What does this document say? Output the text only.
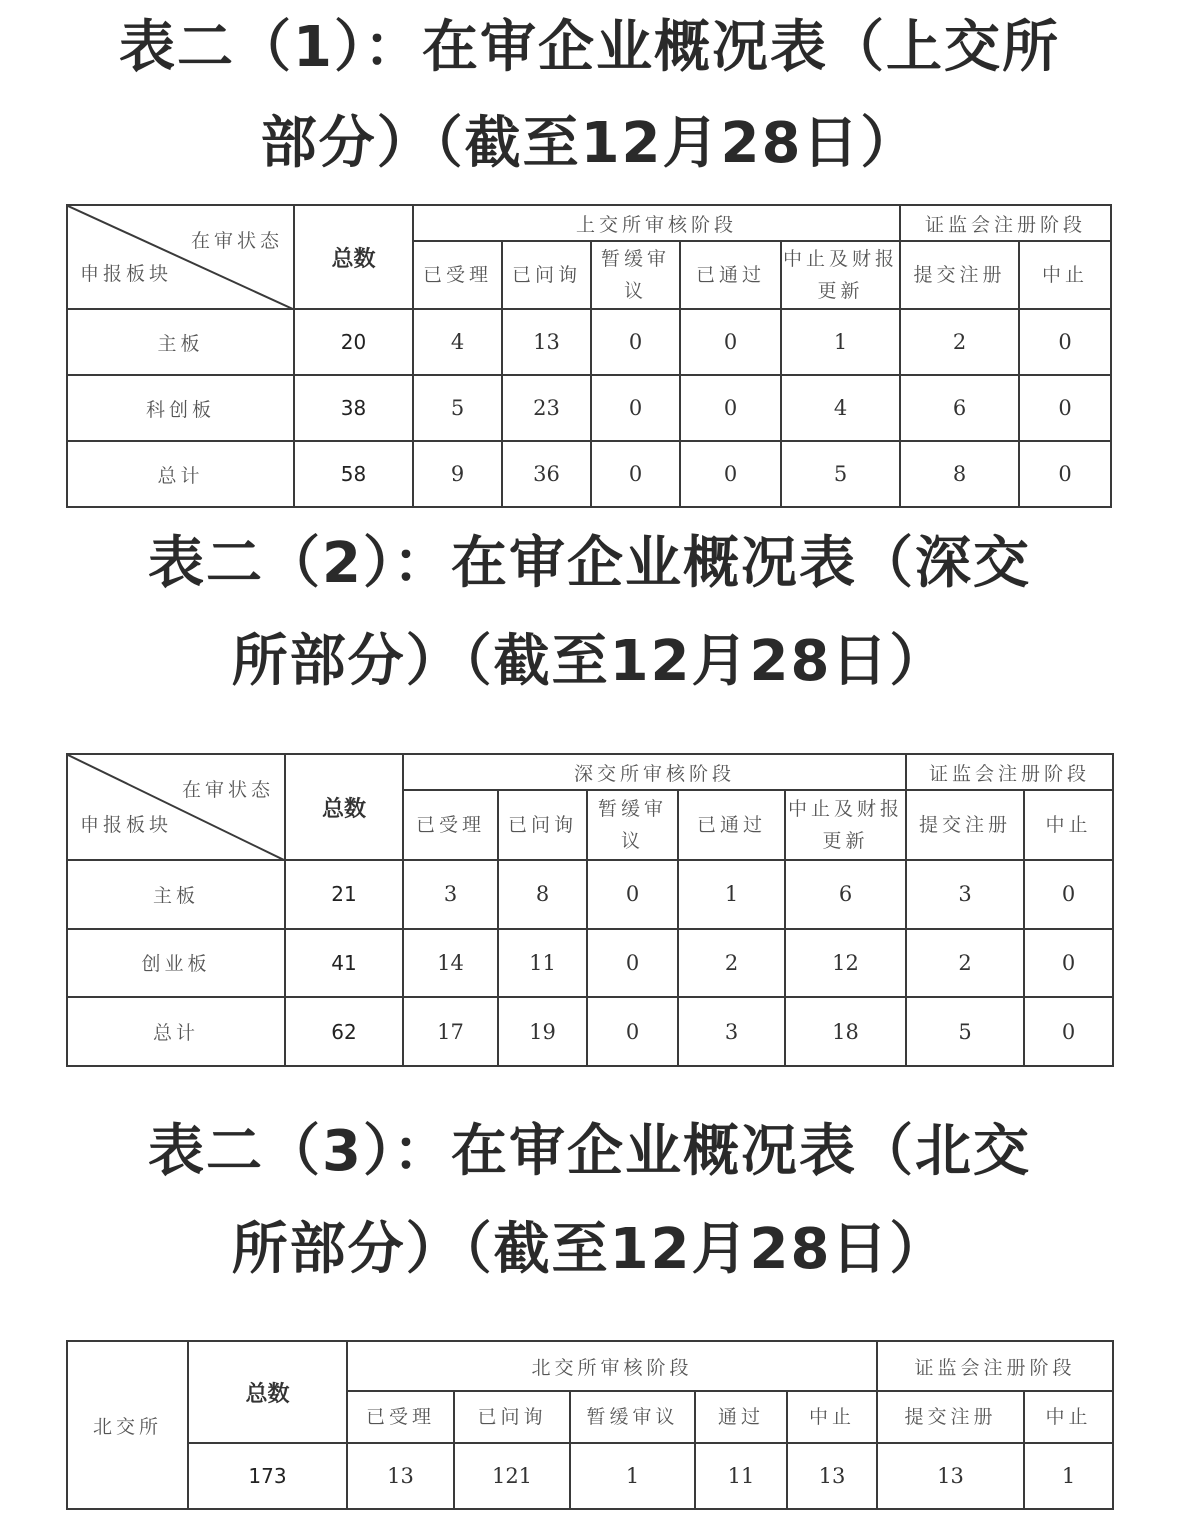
表二（1）：在审企业概况表（上交所
部分）（截至12月28日）
在审状态
申报板块	总数	上交所审核阶段					证监会注册阶段	
		已受理	已问询	暂缓审议	已通过	中止及财报更新	提交注册	中止
主板	20	4	13	0	0	1	2	0
科创板	38	5	23	0	0	4	6	0
总计	58	9	36	0	0	5	8	0
表二（2）：在审企业概况表（深交
所部分）（截至12月28日）
在审状态
申报板块	总数	深交所审核阶段					证监会注册阶段	
		已受理	已问询	暂缓审议	已通过	中止及财报更新	提交注册	中止
主板	21	3	8	0	1	6	3	0
创业板	41	14	11	0	2	12	2	0
总计	62	17	19	0	3	18	5	0
表二（3）：在审企业概况表（北交
所部分）（截至12月28日）
北交所	总数	北交所审核阶段					证监会注册阶段	
		已受理	已问询	暂缓审议	通过	中止	提交注册	中止
	173	13	121	1	11	13	13	1
